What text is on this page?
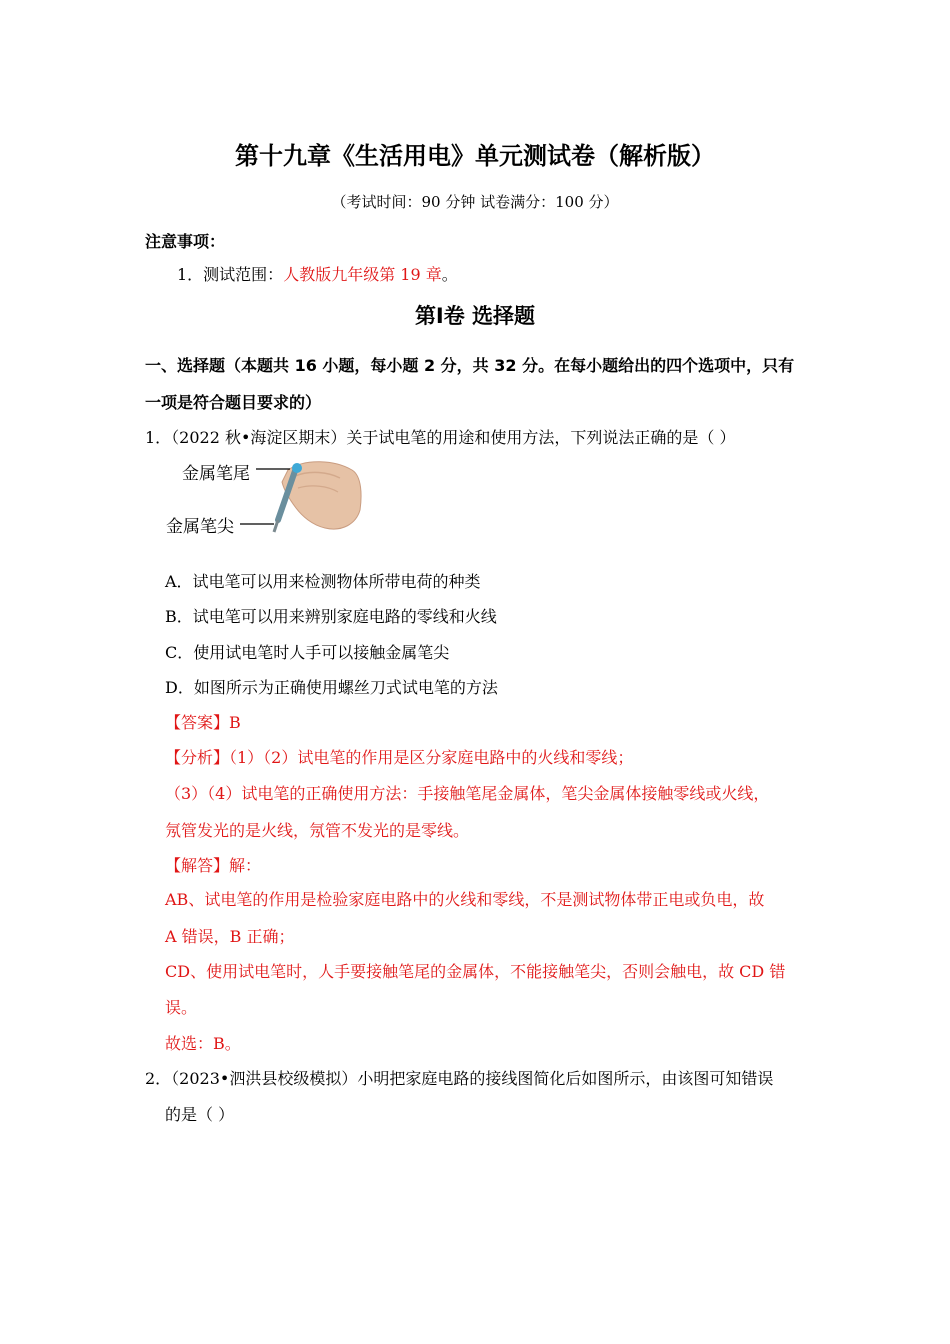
第十九章《生活用电》单元测试卷（解析版）
（考试时间：90 分钟 试卷满分：100 分）
注意事项：
1．测试范围：人教版九年级第 19 章。
第Ⅰ卷 选择题
一、选择题（本题共 16 小题，每小题 2 分，共 32 分。在每小题给出的四个选项中，只有
一项是符合题目要求的）
1．（2022 秋•海淀区期末）关于试电笔的用途和使用方法，下列说法正确的是（ ）
金属笔尾
金属笔尖
A．试电笔可以用来检测物体所带电荷的种类
B．试电笔可以用来辨别家庭电路的零线和火线
C．使用试电笔时人手可以接触金属笔尖
D．如图所示为正确使用螺丝刀式试电笔的方法
【答案】B
【分析】（1）（2）试电笔的作用是区分家庭电路中的火线和零线；
（3）（4）试电笔的正确使用方法：手接触笔尾金属体，笔尖金属体接触零线或火线，
氖管发光的是火线，氖管不发光的是零线。
【解答】解：
AB、试电笔的作用是检验家庭电路中的火线和零线，不是测试物体带正电或负电，故
A 错误，B 正确；
CD、使用试电笔时，人手要接触笔尾的金属体，不能接触笔尖，否则会触电，故 CD 错
误。
故选：B。
2．（2023•泗洪县校级模拟）小明把家庭电路的接线图简化后如图所示，由该图可知错误
的是（ ）
